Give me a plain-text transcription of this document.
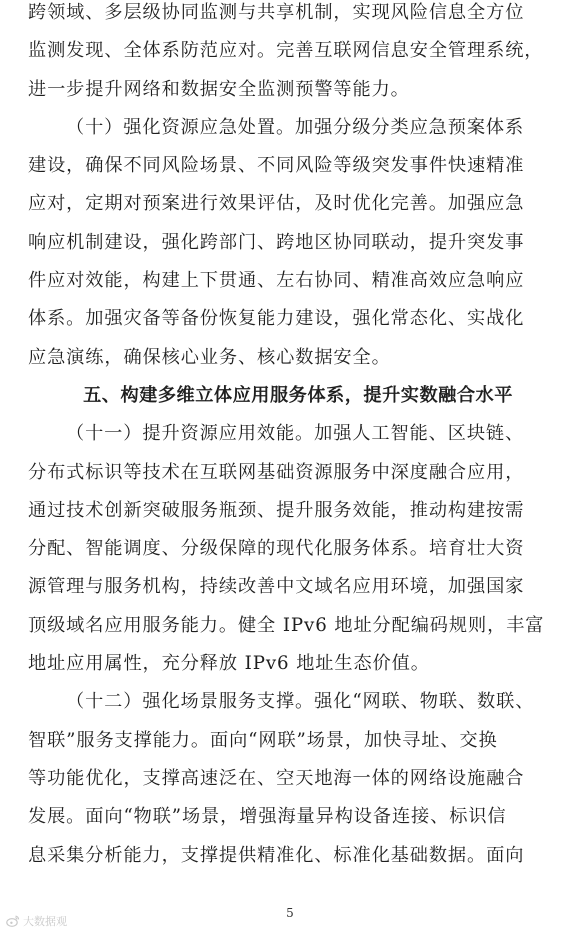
跨领域、多层级协同监测与共享机制，实现风险信息全方位
监测发现、全体系防范应对。完善互联网信息安全管理系统，
进一步提升网络和数据安全监测预警等能力。
（十）强化资源应急处置。加强分级分类应急预案体系
建设，确保不同风险场景、不同风险等级突发事件快速精准
应对，定期对预案进行效果评估，及时优化完善。加强应急
响应机制建设，强化跨部门、跨地区协同联动，提升突发事
件应对效能，构建上下贯通、左右协同、精准高效应急响应
体系。加强灾备等备份恢复能力建设，强化常态化、实战化
应急演练，确保核心业务、核心数据安全。
五、构建多维立体应用服务体系，提升实数融合水平
（十一）提升资源应用效能。加强人工智能、区块链、
分布式标识等技术在互联网基础资源服务中深度融合应用，
通过技术创新突破服务瓶颈、提升服务效能，推动构建按需
分配、智能调度、分级保障的现代化服务体系。培育壮大资
源管理与服务机构，持续改善中文域名应用环境，加强国家
顶级域名应用服务能力。健全 IPv6 地址分配编码规则，丰富
地址应用属性，充分释放 IPv6 地址生态价值。
（十二）强化场景服务支撑。强化“网联、物联、数联、
智联”服务支撑能力。面向“网联”场景，加快寻址、交换
等功能优化，支撑高速泛在、空天地海一体的网络设施融合
发展。面向“物联”场景，增强海量异构设备连接、标识信
息采集分析能力，支撑提供精准化、标准化基础数据。面向
5
大数据观
